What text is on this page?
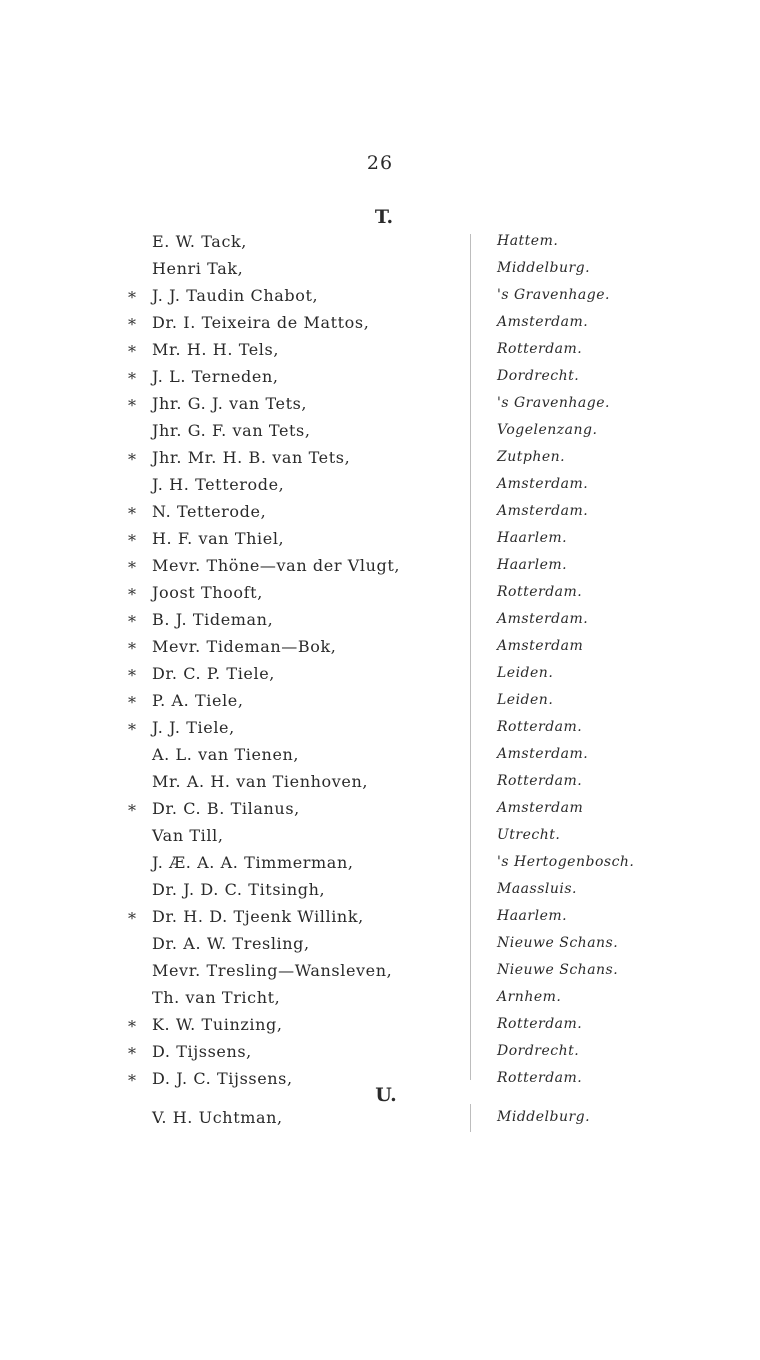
26
T.
U.
E. W. Tack,	Hattem.
Henri Tak,	Middelburg.
* J. J. Taudin Chabot,	's Gravenhage.
* Dr. I. Teixeira de Mattos,	Amsterdam.
* Mr. H. H. Tels,	Rotterdam.
* J. L. Terneden,	Dordrecht.
* Jhr. G. J. van Tets,	's Gravenhage.
Jhr. G. F. van Tets,	Vogelenzang.
* Jhr. Mr. H. B. van Tets,	Zutphen.
J. H. Tetterode,	Amsterdam.
* N. Tetterode,	Amsterdam.
* H. F. van Thiel,	Haarlem.
* Mevr. Thöne—van der Vlugt,	Haarlem.
* Joost Thooft,	Rotterdam.
* B. J. Tideman,	Amsterdam.
* Mevr. Tideman—Bok,	Amsterdam
* Dr. C. P. Tiele,	Leiden.
* P. A. Tiele,	Leiden.
* J. J. Tiele,	Rotterdam.
A. L. van Tienen,	Amsterdam.
Mr. A. H. van Tienhoven,	Rotterdam.
* Dr. C. B. Tilanus,	Amsterdam
Van Till,	Utrecht.
J. Æ. A. A. Timmerman,	's Hertogenbosch.
Dr. J. D. C. Titsingh,	Maassluis.
* Dr. H. D. Tjeenk Willink,	Haarlem.
Dr. A. W. Tresling,	Nieuwe Schans.
Mevr. Tresling—Wansleven,	Nieuwe Schans.
Th. van Tricht,	Arnhem.
* K. W. Tuinzing,	Rotterdam.
* D. Tijssens,	Dordrecht.
* D. J. C. Tijssens,	Rotterdam.
V. H. Uchtman,	Middelburg.
